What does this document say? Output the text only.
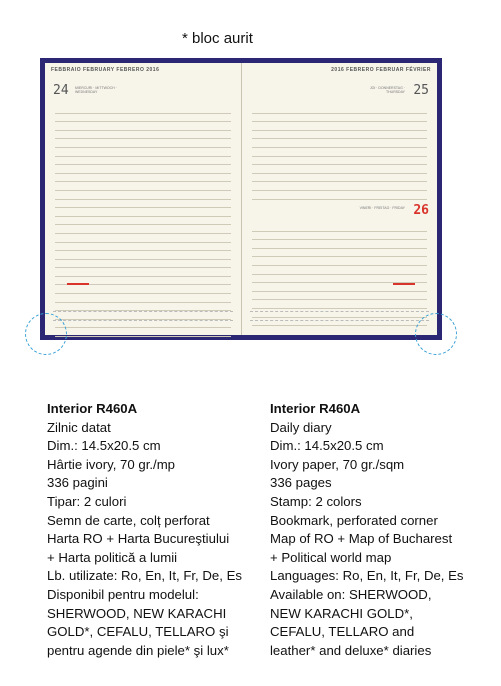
* bloc aurit
FEBBRAIO FEBRUARY FEBRERO 2016
24 MIERCURI · MITTWOCH · WEDNESDAY
2016 FEBRERO FEBRUAR FÉVRIER
25
JOI · DONNERSTAG · THURSDAY
26
VINERI · FREITAG · FRIDAY
Interior R460A
Zilnic datat
Dim.: 14.5x20.5 cm
Hârtie ivory, 70 gr./mp
336 pagini
Tipar: 2 culori
Semn de carte, colț perforat
Harta RO + Harta Bucureştiului
+ Harta politică a lumii
Lb. utilizate: Ro, En, It, Fr, De, Es
Disponibil pentru modelul:
SHERWOOD, NEW KARACHI
GOLD*, CEFALU, TELLARO şi
pentru agende din piele* şi lux*
Interior R460A
Daily diary
Dim.: 14.5x20.5 cm
Ivory paper, 70 gr./sqm
336 pages
Stamp: 2 colors
Bookmark, perforated corner
Map of RO + Map of Bucharest
+ Political world map
Languages: Ro, En, It, Fr, De, Es
Available on: SHERWOOD,
NEW KARACHI GOLD*,
CEFALU, TELLARO and
leather* and deluxe* diaries
